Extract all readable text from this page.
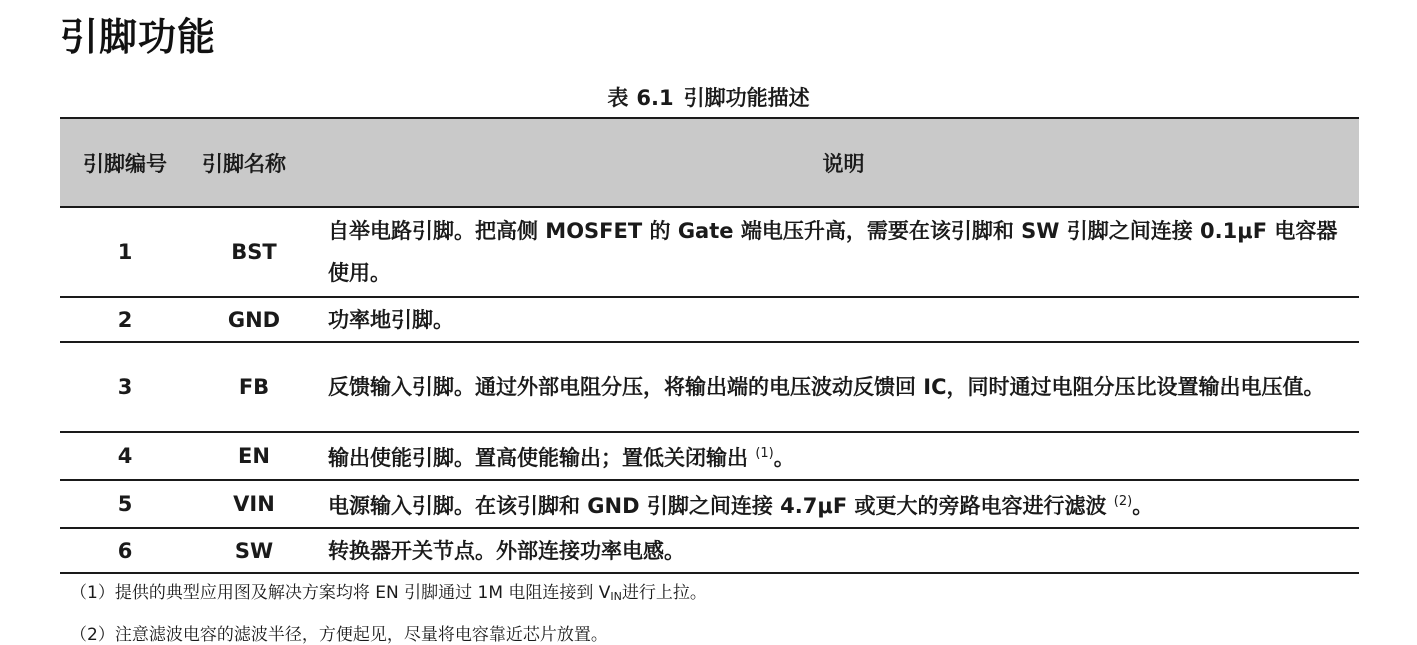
引脚功能
表 6.1 引脚功能描述
引脚编号	引脚名称	说明
1	BST	自举电路引脚。把高侧 MOSFET 的 Gate 端电压升高，需要在该引脚和 SW 引脚之间连接 0.1μF 电容器使用。
2	GND	功率地引脚。
3	FB	反馈输入引脚。通过外部电阻分压，将输出端的电压波动反馈回 IC，同时通过电阻分压比设置输出电压值。
4	EN	输出使能引脚。置高使能输出；置低关闭输出 $^{(1)}$。
5	VIN	电源输入引脚。在该引脚和 GND 引脚之间连接 4.7μF 或更大的旁路电容进行滤波 $^{(2)}$。
6	SW	转换器开关节点。外部连接功率电感。
（1）提供的典型应用图及解决方案均将 EN 引脚通过 1M 电阻连接到 VIN进行上拉。
（2）注意滤波电容的滤波半径，方便起见，尽量将电容靠近芯片放置。
